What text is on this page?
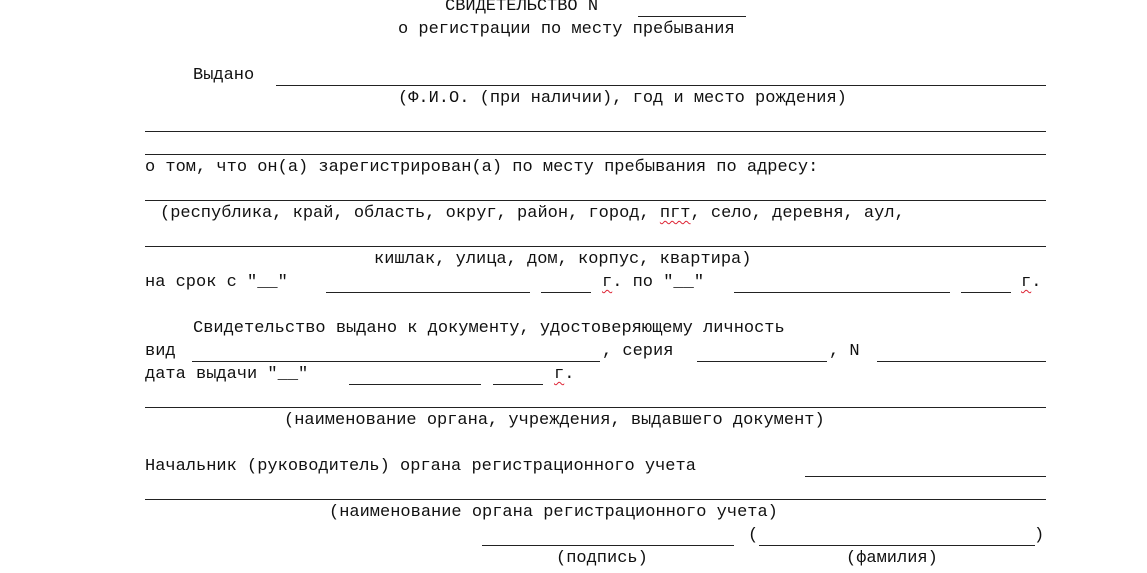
СВИДЕТЕЛЬСТВО N
о регистрации по месту пребывания
Выдано
(Ф.И.О. (при наличии), год и место рождения)
о том, что он(а) зарегистрирован(а) по месту пребывания по адресу:
(республика, край, область, округ, район, город, пгт, село, деревня, аул,
кишлак, улица, дом, корпус, квартира)
на срок с "__"	г. по "__"	г.
Свидетельство выдано к документу, удостоверяющему личность
вид	, серия	, N
дата выдачи "__"	г.
(наименование органа, учреждения, выдавшего документ)
Начальник (руководитель) органа регистрационного учета
(наименование органа регистрационного учета)
(	)
(подпись)	(фамилия)
